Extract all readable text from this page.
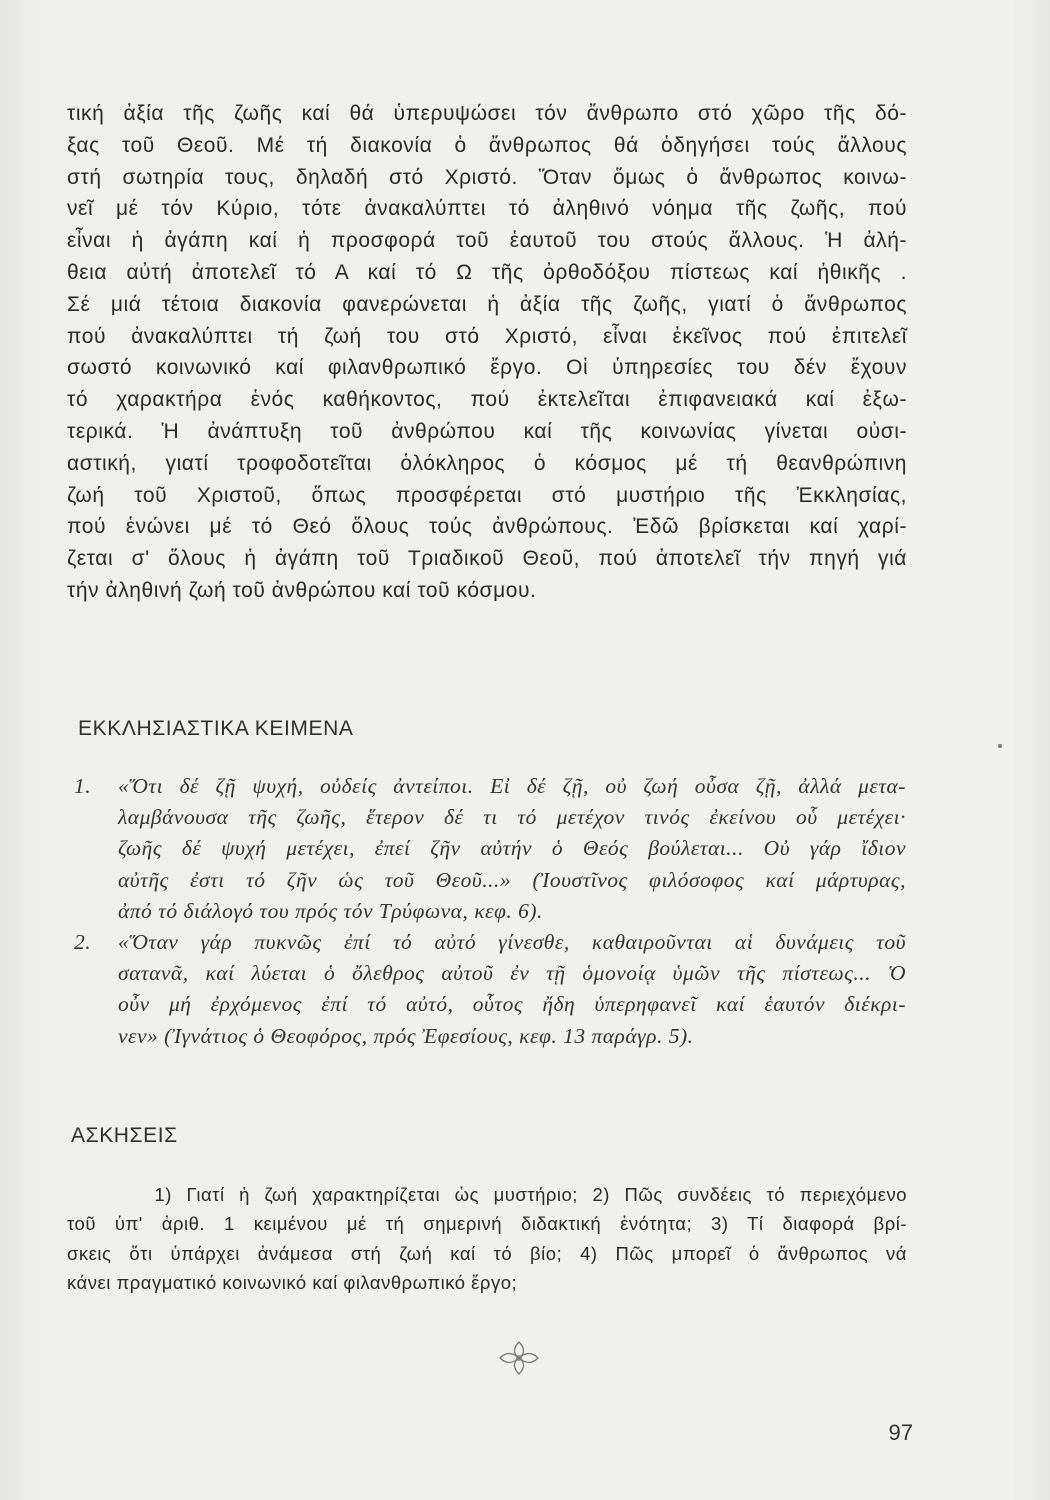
τική ἀξία τῆς ζωῆς καί θά ὑπερυψώσει τόν ἄνθρωπο στό χῶρο τῆς δό-
ξας τοῦ Θεοῦ. Μέ τή διακονία ὁ ἄνθρωπος θά ὁδηγήσει τούς ἄλλους
στή σωτηρία τους, δηλαδή στό Χριστό. Ὅταν ὅμως ὁ ἄνθρωπος κοινω-
νεῖ μέ τόν Κύριο, τότε ἀνακαλύπτει τό ἀληθινό νόημα τῆς ζωῆς, πού
εἶναι ἡ ἀγάπη καί ἡ προσφορά τοῦ ἑαυτοῦ του στούς ἄλλους. Ἡ ἀλή-
θεια αὐτή ἀποτελεῖ τό Α καί τό Ω τῆς ὀρθοδόξου πίστεως καί ἠθικῆς .
Σέ μιά τέτοια διακονία φανερώνεται ἡ ἀξία τῆς ζωῆς, γιατί ὁ ἄνθρωπος
πού ἀνακαλύπτει τή ζωή του στό Χριστό, εἶναι ἐκεῖνος πού ἐπιτελεῖ
σωστό κοινωνικό καί φιλανθρωπικό ἔργο. Οἱ ὑπηρεσίες του δέν ἔχουν
τό χαρακτήρα ἑνός καθήκοντος, πού ἐκτελεῖται ἐπιφανειακά καί ἐξω-
τερικά. Ἡ ἀνάπτυξη τοῦ ἀνθρώπου καί τῆς κοινωνίας γίνεται οὐσι-
αστική, γιατί τροφοδοτεῖται ὁλόκληρος ὁ κόσμος μέ τή θεανθρώπινη
ζωή τοῦ Χριστοῦ, ὅπως προσφέρεται στό μυστήριο τῆς Ἐκκλησίας,
πού ἑνώνει μέ τό Θεό ὅλους τούς ἀνθρώπους. Ἐδῶ βρίσκεται καί χαρί-
ζεται σ' ὅλους ἡ ἀγάπη τοῦ Τριαδικοῦ Θεοῦ, πού ἀποτελεῖ τήν πηγή γιά
τήν ἀληθινή ζωή τοῦ ἀνθρώπου καί τοῦ κόσμου.
ΕΚΚΛΗΣΙΑΣΤΙΚΑ ΚΕΙΜΕΝΑ
1. «Ὅτι δέ ζῇ ψυχή, οὐδείς ἀντείποι. Εἰ δέ ζῇ, οὐ ζωή οὖσα ζῇ, ἀλλά μετα-
λαμβάνουσα τῆς ζωῆς, ἕτερον δέ τι τό μετέχον τινός ἐκείνου οὗ μετέχει·
ζωῆς δέ ψυχή μετέχει, ἐπεί ζῆν αὐτήν ὁ Θεός βούλεται... Οὐ γάρ ἴδιον
αὐτῆς ἐστι τό ζῆν ὡς τοῦ Θεοῦ...» (Ἰουστῖνος φιλόσοφος καί μάρτυρας,
ἀπό τό διάλογό του πρός τόν Τρύφωνα, κεφ. 6).
2. «Ὅταν γάρ πυκνῶς ἐπί τό αὐτό γίνεσθε, καθαιροῦνται αἱ δυνάμεις τοῦ
σατανᾶ, καί λύεται ὁ ὄλεθρος αὐτοῦ ἐν τῇ ὁμονοίᾳ ὑμῶν τῆς πίστεως... Ὁ
οὖν μή ἐρχόμενος ἐπί τό αὐτό, οὗτος ἤδη ὑπερηφανεῖ καί ἑαυτόν διέκρι-
νεν» (Ἰγνάτιος ὁ Θεοφόρος, πρός Ἐφεσίους, κεφ. 13 παράγρ. 5).
ΑΣΚΗΣΕΙΣ
1) Γιατί ἡ ζωή χαρακτηρίζεται ὡς μυστήριο; 2) Πῶς συνδέεις τό περιεχόμενο
τοῦ ὑπ' ἀριθ. 1 κειμένου μέ τή σημερινή διδακτική ἑνότητα; 3) Τί διαφορά βρί-
σκεις ὅτι ὑπάρχει ἀνάμεσα στή ζωή καί τό βίο; 4) Πῶς μπορεῖ ὁ ἄνθρωπος νά
κάνει πραγματικό κοινωνικό καί φιλανθρωπικό ἔργο;
97
